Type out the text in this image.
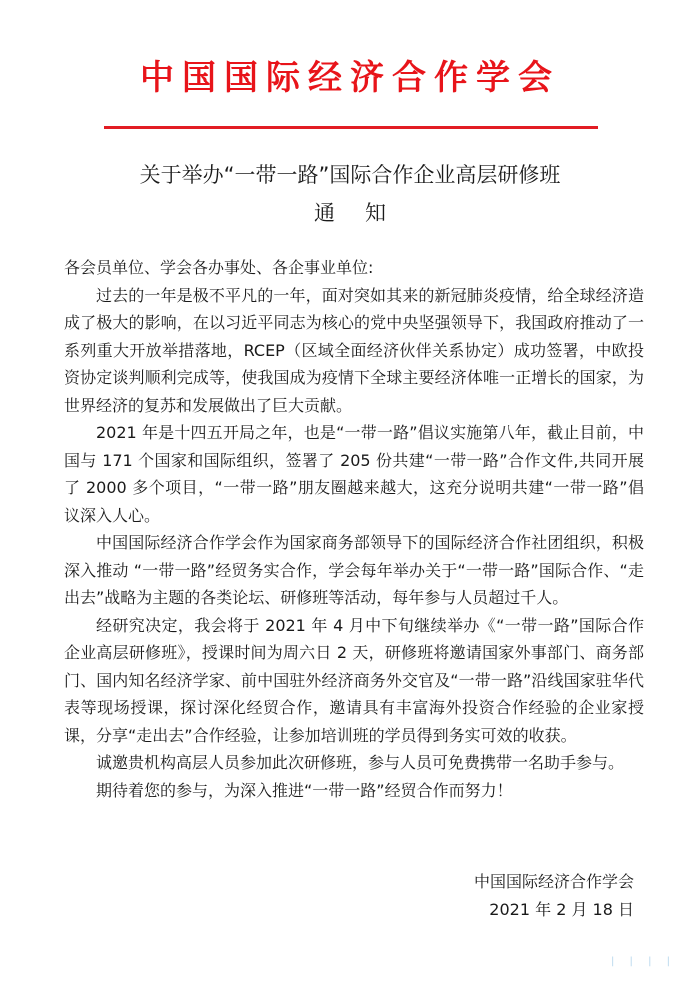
中国国际经济合作学会
关于举办“一带一路”国际合作企业高层研修班
通知

各会员单位、学会各办事处、各企事业单位:

过去的一年是极不平凡的一年，面对突如其来的新冠肺炎疫情，给全球经济造成了极大的影响，在以习近平同志为核心的党中央坚强领导下，我国政府推动了一系列重大开放举措落地，RCEP（区域全面经济伙伴关系协定）成功签署，中欧投资协定谈判顺利完成等，使我国成为疫情下全球主要经济体唯一正增长的国家，为世界经济的复苏和发展做出了巨大贡献。

2021 年是十四五开局之年，也是“一带一路”倡议实施第八年，截止目前，中国与 171 个国家和国际组织，签署了 205 份共建“一带一路”合作文件,共同开展了 2000 多个项目，“一带一路”朋友圈越来越大，这充分说明共建“一带一路”倡议深入人心。

中国国际经济合作学会作为国家商务部领导下的国际经济合作社团组织，积极深入推动 “一带一路”经贸务实合作，学会每年举办关于“一带一路”国际合作、“走出去”战略为主题的各类论坛、研修班等活动，每年参与人员超过千人。

经研究决定，我会将于 2021 年 4 月中下旬继续举办《“一带一路”国际合作企业高层研修班》，授课时间为周六日 2 天，研修班将邀请国家外事部门、商务部门、国内知名经济学家、前中国驻外经济商务外交官及“一带一路”沿线国家驻华代表等现场授课，探讨深化经贸合作，邀请具有丰富海外投资合作经验的企业家授课，分享“走出去”合作经验，让参加培训班的学员得到务实可效的收获。

诚邀贵机构高层人员参加此次研修班，参与人员可免费携带一名助手参与。

期待着您的参与，为深入推进“一带一路”经贸合作而努力！

中国国际经济合作学会
2021 年 2 月 18 日
| | | |
